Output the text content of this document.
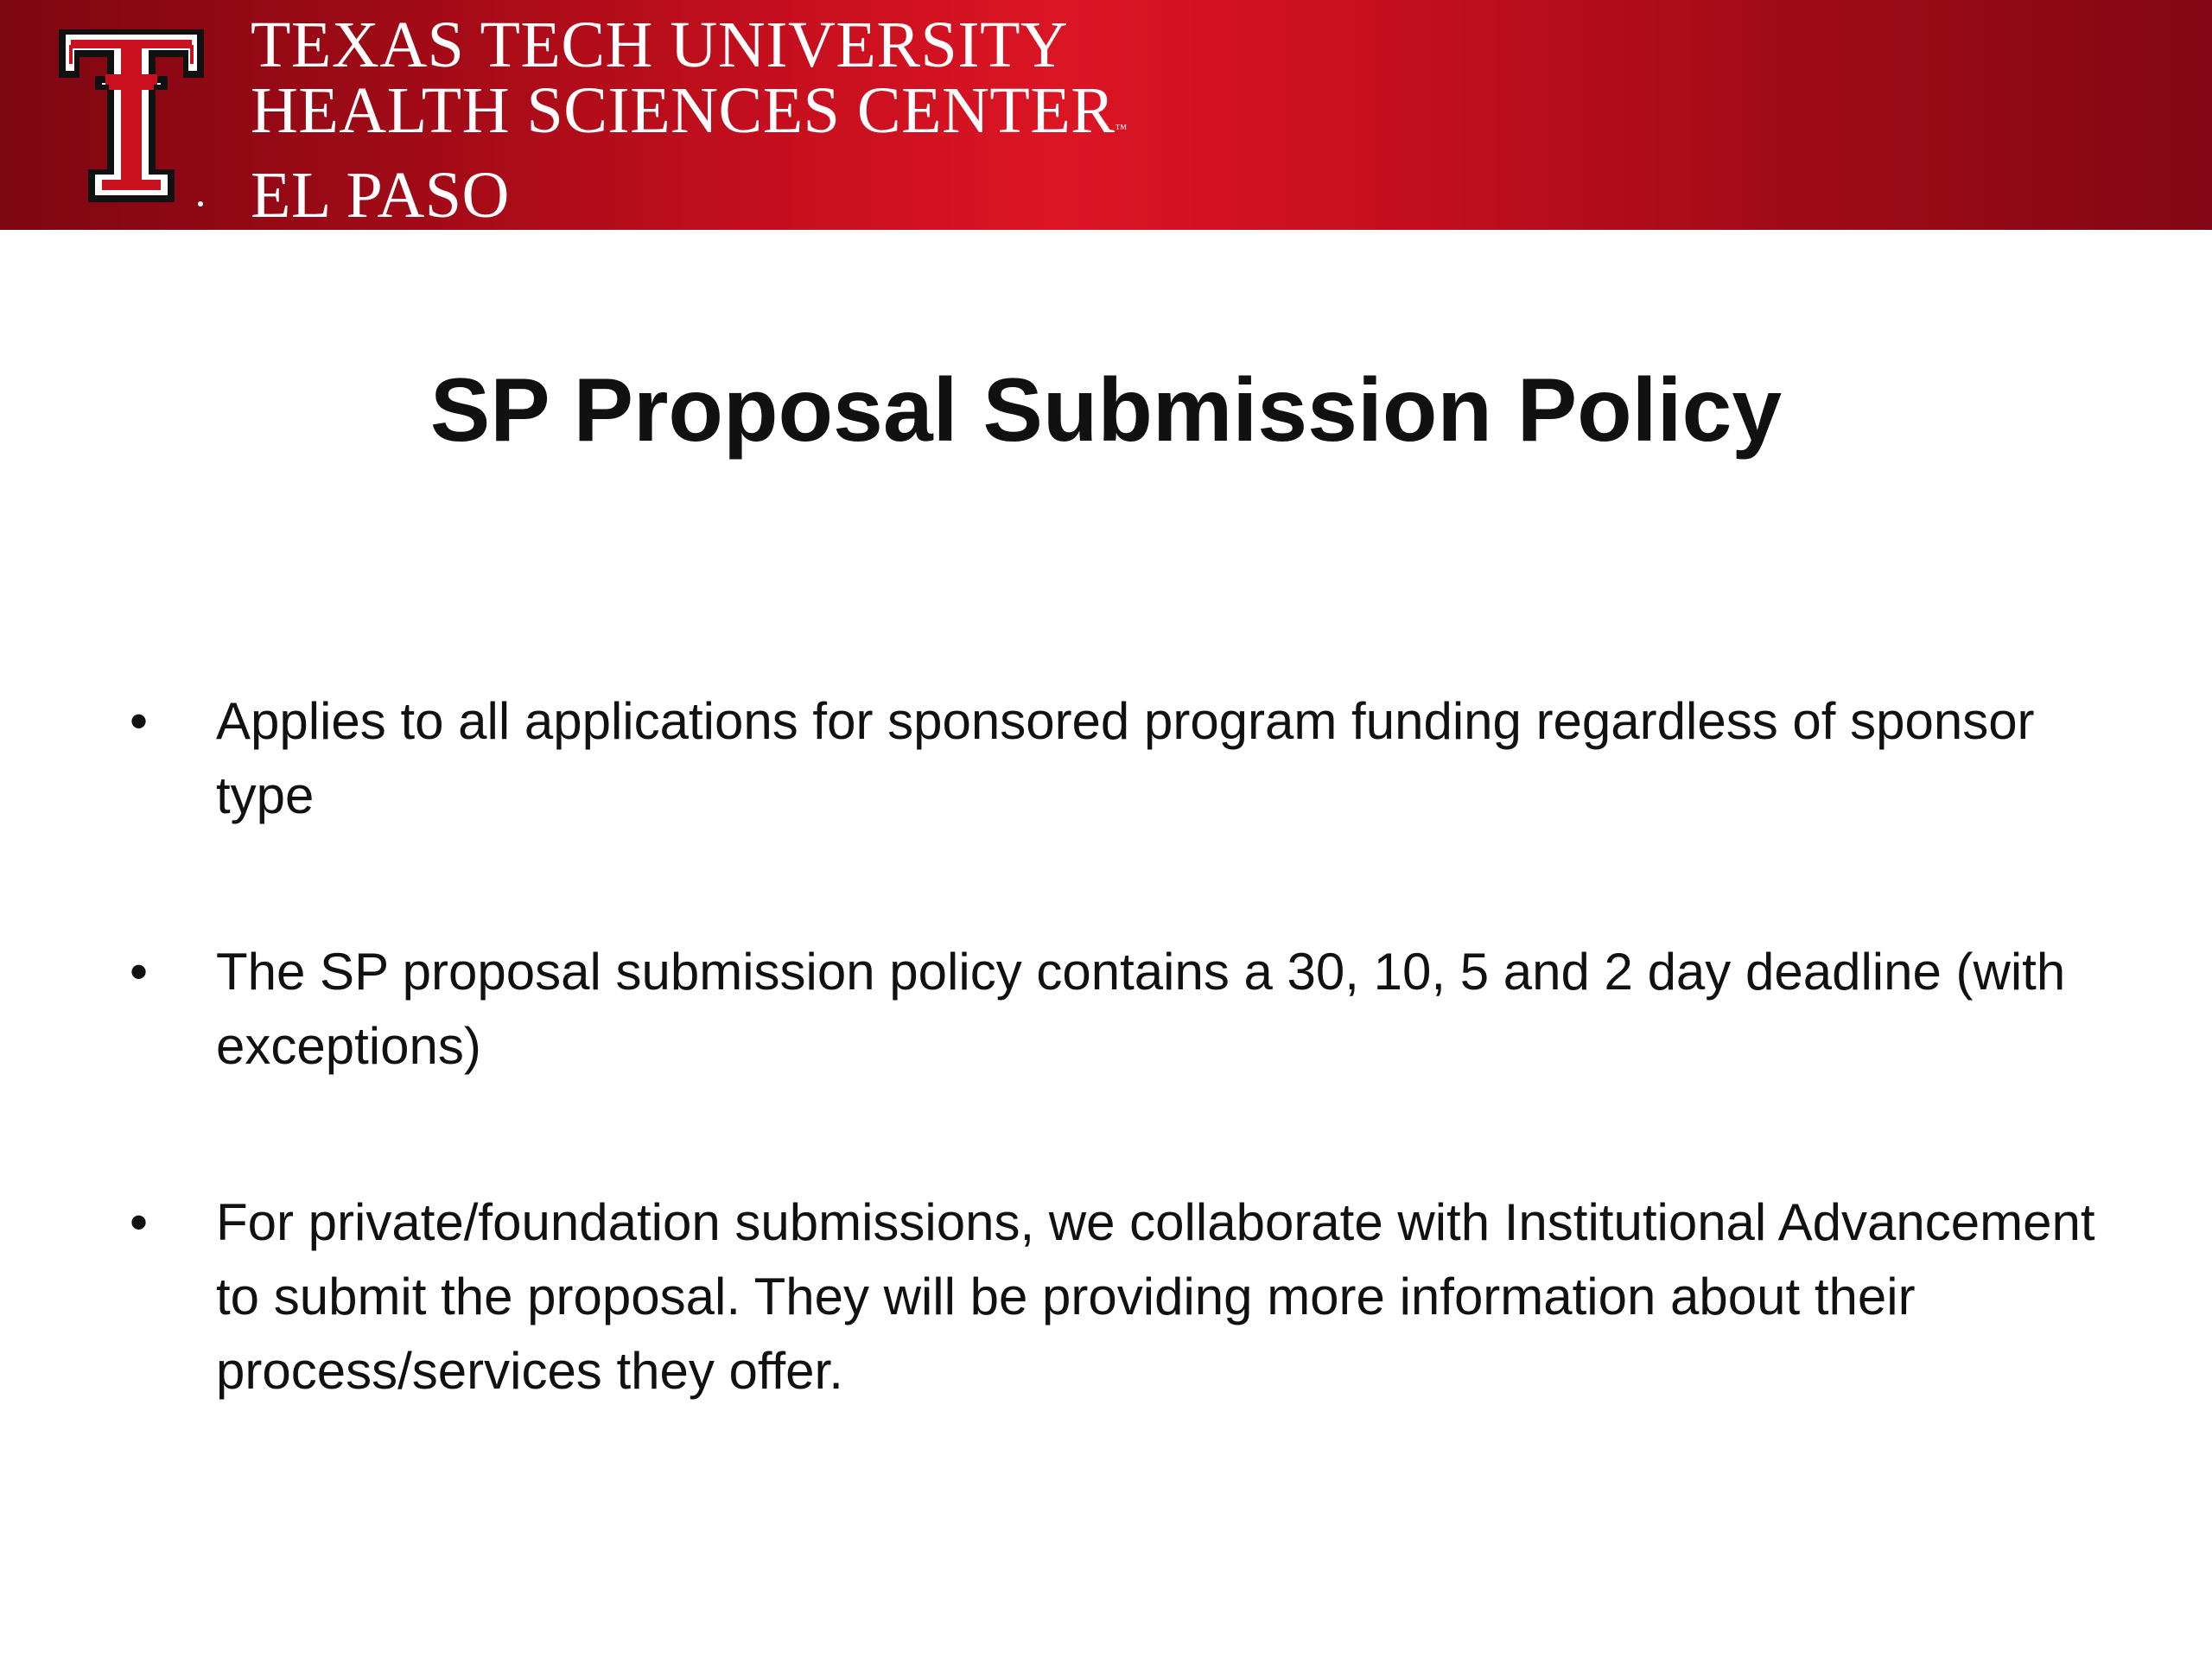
TEXAS TECH UNIVERSITY
HEALTH SCIENCES CENTER™
EL PASO
SP Proposal Submission Policy
•	Applies to all applications for sponsored program funding regardless of sponsor type
•	The SP proposal submission policy contains a 30, 10, 5 and 2 day deadline (with exceptions)
•	For private/foundation submissions, we collaborate with Institutional Advancement to submit the proposal. They will be providing more information about their process/services they offer.
